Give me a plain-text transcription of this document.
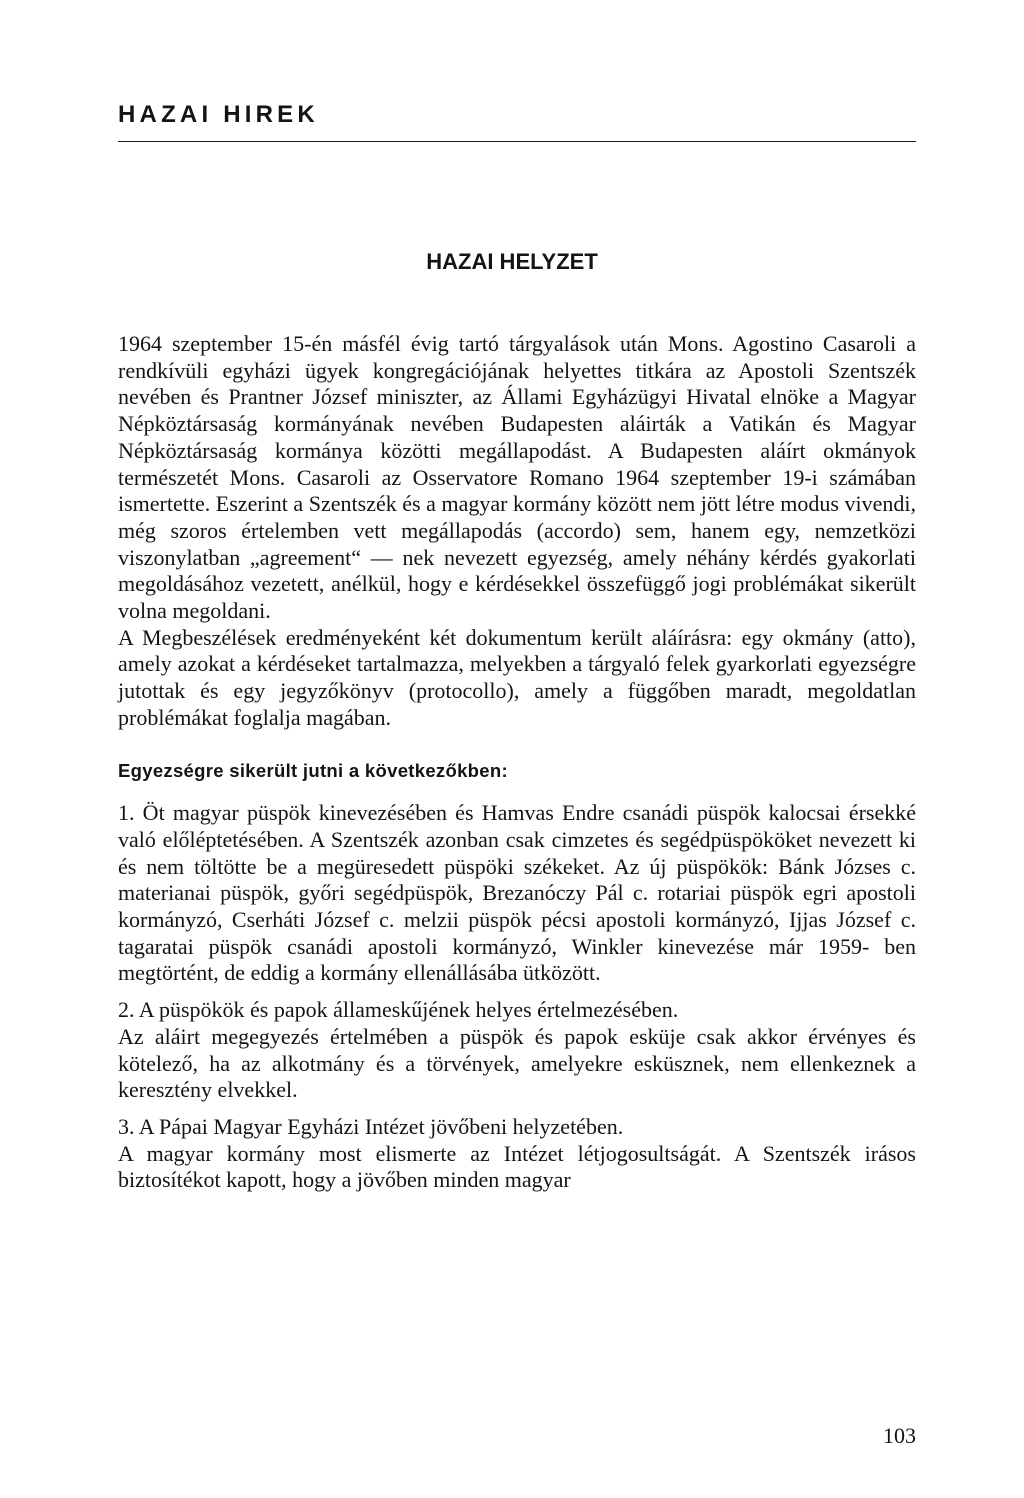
HAZAI HIREK
HAZAI HELYZET

1964 szeptember 15-én másfél évig tartó tárgyalások után Mons. Agostino Casaroli a rendkívüli egyházi ügyek kongregációjának helyettes titkára az Apostoli Szentszék nevében és Prantner József miniszter, az Állami Egyházügyi Hivatal elnöke a Magyar Népköztársaság kormányának nevében Budapesten aláirták a Vatikán és Magyar Népköztársaság kormánya közötti megállapodást. A Budapesten aláírt okmányok természetét Mons. Casaroli az Osservatore Romano 1964 szeptember 19-i számában ismertette. Eszerint a Szentszék és a magyar kormány között nem jött létre modus vivendi, még szoros értelemben vett megállapodás (accordo) sem, hanem egy, nemzetközi viszonylatban „agreement“ — nek nevezett egyezség, amely néhány kérdés gyakorlati megoldásához vezetett, anélkül, hogy e kérdésekkel összefüggő jogi problémákat sikerült volna megoldani.

A Megbeszélések eredményeként két dokumentum került aláírásra: egy okmány (atto), amely azokat a kérdéseket tartalmazza, melyekben a tárgyaló felek gyarkorlati egyezségre jutottak és egy jegyzőkönyv (protocollo), amely a függőben maradt, megoldatlan problémákat foglalja magában.

Egyezségre sikerült jutni a következőkben:

1. Öt magyar püspök kinevezésében és Hamvas Endre csanádi püspök kalocsai érsekké való előléptetésében. A Szentszék azonban csak cimzetes és segédpüspököket nevezett ki és nem töltötte be a megüresedett püspöki székeket. Az új püspökök: Bánk Józses c. materianai püspök, győri segédpüspök, Brezanóczy Pál c. rotariai püspök egri apostoli kormányzó, Cserháti József c. melzii püspök pécsi apostoli kormányzó, Ijjas József c. tagaratai püspök csanádi apostoli kormányzó, Winkler kinevezése már 1959- ben megtörtént, de eddig a kormány ellenállásába ütközött.

2. A püspökök és papok állameskűjének helyes értelmezésében.

Az aláirt megegyezés értelmében a püspök és papok esküje csak akkor érvényes és kötelező, ha az alkotmány és a törvények, amelyekre esküsznek, nem ellenkeznek a keresztény elvekkel.

3. A Pápai Magyar Egyházi Intézet jövőbeni helyzetében.

A magyar kormány most elismerte az Intézet létjogosultságát. A Szentszék irásos biztosítékot kapott, hogy a jövőben minden magyar

103
